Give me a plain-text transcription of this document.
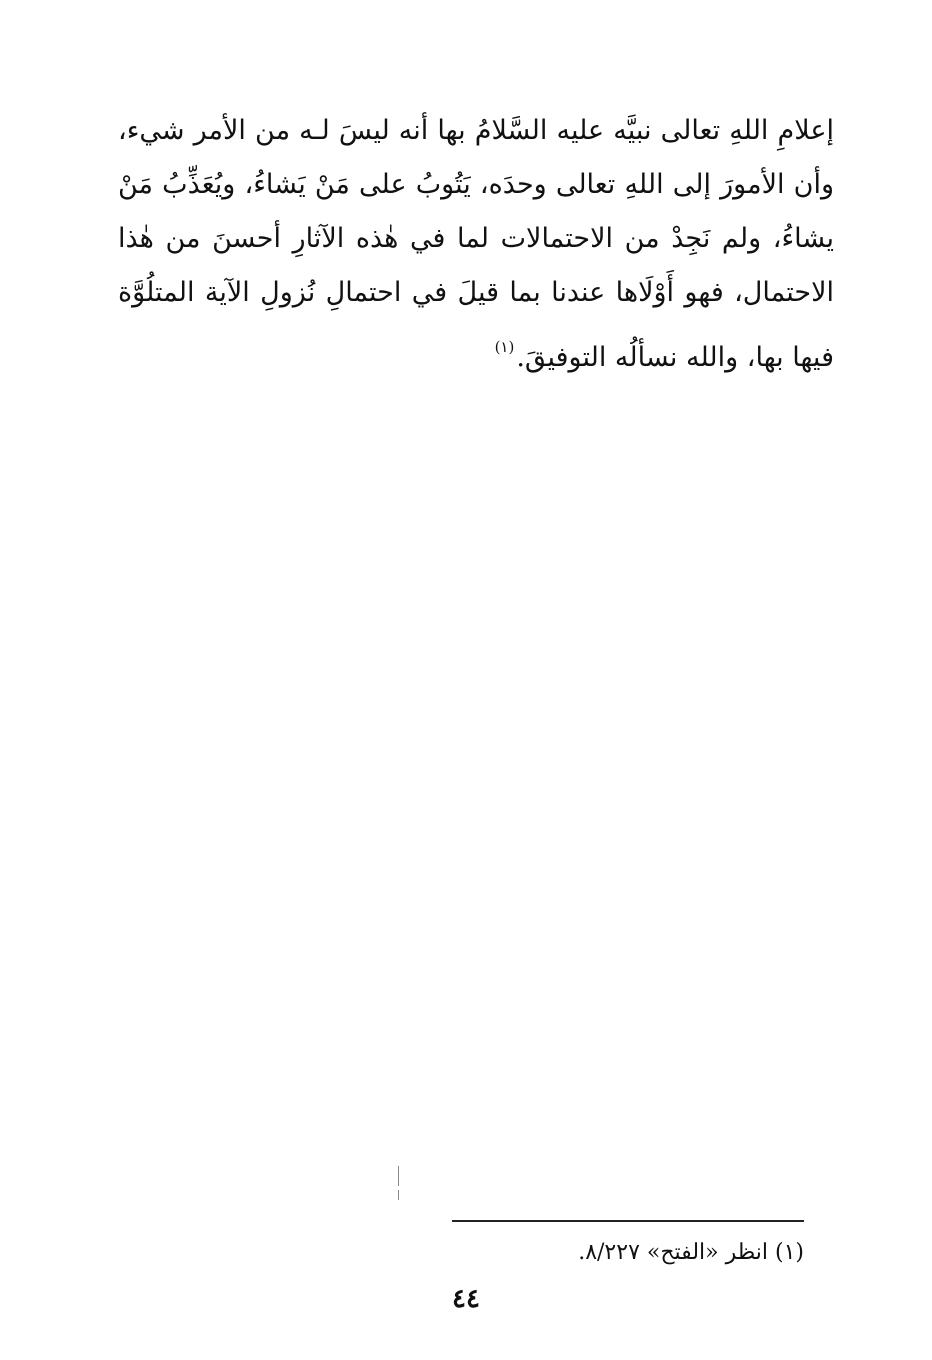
إعلامِ اللهِ تعالى نبيَّه عليه السَّلامُ بها أنه ليسَ لـه من الأمر شيء،
وأن الأمورَ إلى اللهِ تعالى وحدَه، يَتُوبُ على مَنْ يَشاءُ، ويُعَذِّبُ مَنْ
يشاءُ، ولم نَجِدْ من الاحتمالات لما في هٰذه الآثارِ أحسنَ من هٰذا
الاحتمال، فهو أَوْلَاها عندنا بما قيلَ في احتمالِ نُزولِ الآية المتلُوَّة
فيها بها، والله نسألُه التوفيقَ.$^{(١)}$
(١) انظر «الفتح» ٨/٢٢٧.
٤٤
